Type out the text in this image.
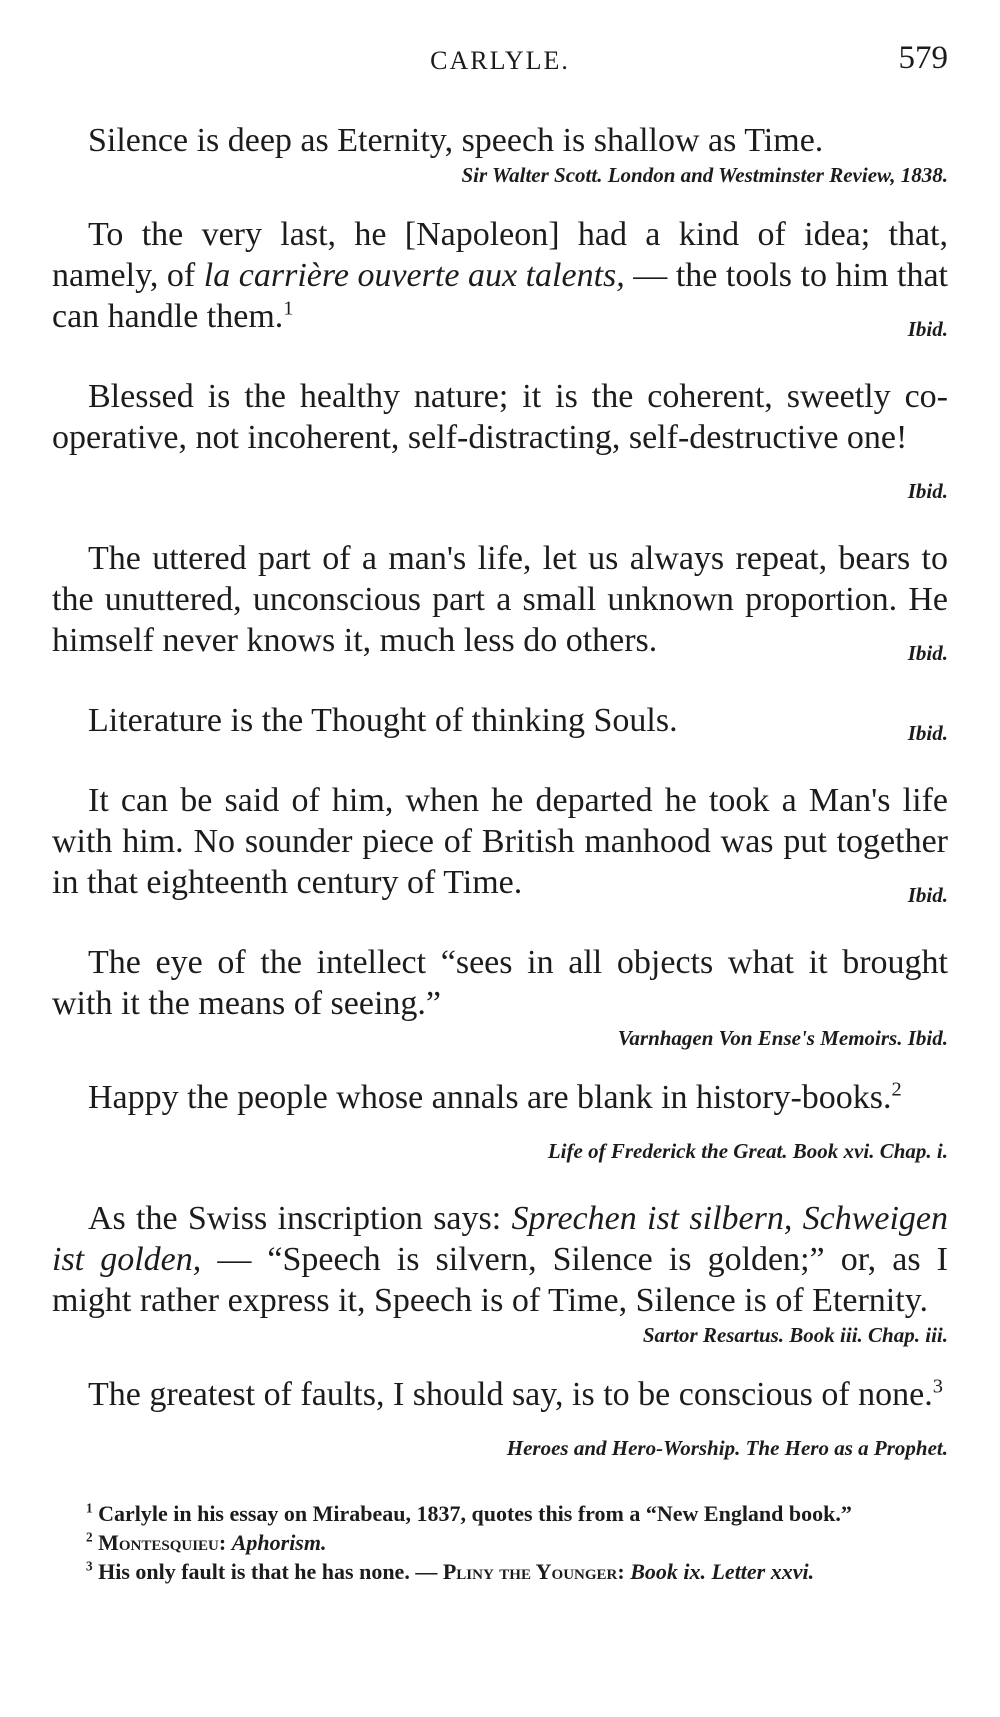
CARLYLE.	579

Silence is deep as Eternity, speech is shallow as Time.

Sir Walter Scott. London and Westminster Review, 1838.

To the very last, he [Napoleon] had a kind of idea; that, namely, of la carrière ouverte aux talents, — the tools to him that can handle them.$^1$
Ibid.

Blessed is the healthy nature; it is the coherent, sweetly co-operative, not incoherent, self-distracting, self-destructive one!
Ibid.

The uttered part of a man's life, let us always repeat, bears to the unuttered, unconscious part a small unknown proportion. He himself never knows it, much less do others.	Ibid.

Literature is the Thought of thinking Souls.	Ibid.

It can be said of him, when he departed he took a Man's life with him. No sounder piece of British manhood was put together in that eighteenth century of Time.	Ibid.

The eye of the intellect “sees in all objects what it brought with it the means of seeing.”

Varnhagen Von Ense's Memoirs. Ibid.

Happy the people whose annals are blank in history-books.$^2$
Life of Frederick the Great. Book xvi. Chap. i.

As the Swiss inscription says: Sprechen ist silbern, Schweigen ist golden, — “Speech is silvern, Silence is golden;” or, as I might rather express it, Speech is of Time, Silence is of Eternity.

Sartor Resartus. Book iii. Chap. iii.

The greatest of faults, I should say, is to be conscious of none.$^3$
Heroes and Hero-Worship. The Hero as a Prophet.

$^1$ Carlyle in his essay on Mirabeau, 1837, quotes this from a “New England book.”

$^2$ Montesquieu: Aphorism.

$^3$ His only fault is that he has none. — Pliny the Younger: Book ix. Letter xxvi.
